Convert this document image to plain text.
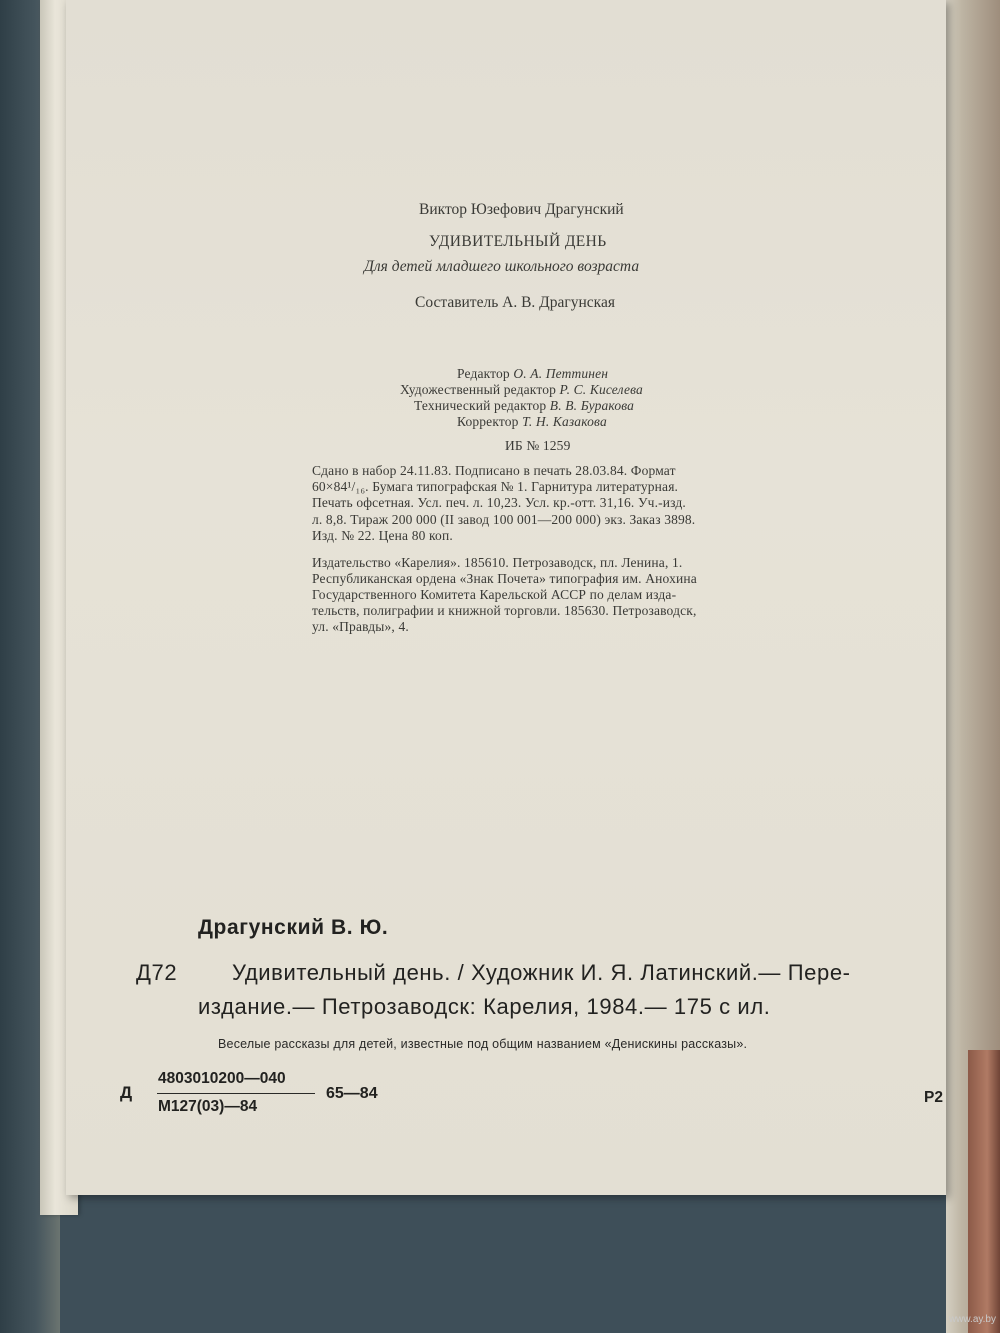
Виктор Юзефович Драгунский

УДИВИТЕЛЬНЫЙ ДЕНЬ

Для детей младшего школьного возраста

Составитель А. В. Драгунская

Редактор О. А. Петтинен

Художественный редактор Р. С. Киселева

Технический редактор В. В. Буракова

Корректор Т. Н. Казакова

ИБ № 1259

Сдано в набор 24.11.83. Подписано в печать 28.03.84. Формат

60×84¹/₁₆. Бумага типографская № 1. Гарнитура литературная.

Печать офсетная. Усл. печ. л. 10,23. Усл. кр.-отт. 31,16. Уч.-изд.

л. 8,8. Тираж 200 000 (II завод 100 001—200 000) экз. Заказ 3898.

Изд. № 22. Цена 80 коп.

Издательство «Карелия». 185610. Петрозаводск, пл. Ленина, 1.

Республиканская ордена «Знак Почета» типография им. Анохина

Государственного Комитета Карельской АССР по делам изда-

тельств, полиграфии и книжной торговли. 185630. Петрозаводск,

ул. «Правды», 4.

Драгунский В. Ю.

Д72 Удивительный день. / Художник И. Я. Латинский.— Пере-

издание.— Петрозаводск: Карелия, 1984.— 175 с ил.

Веселые рассказы для детей, известные под общим названием «Денискины рассказы».

Д

4803010200—040

М127(03)—84

65—84	Р2

www.ay.by
